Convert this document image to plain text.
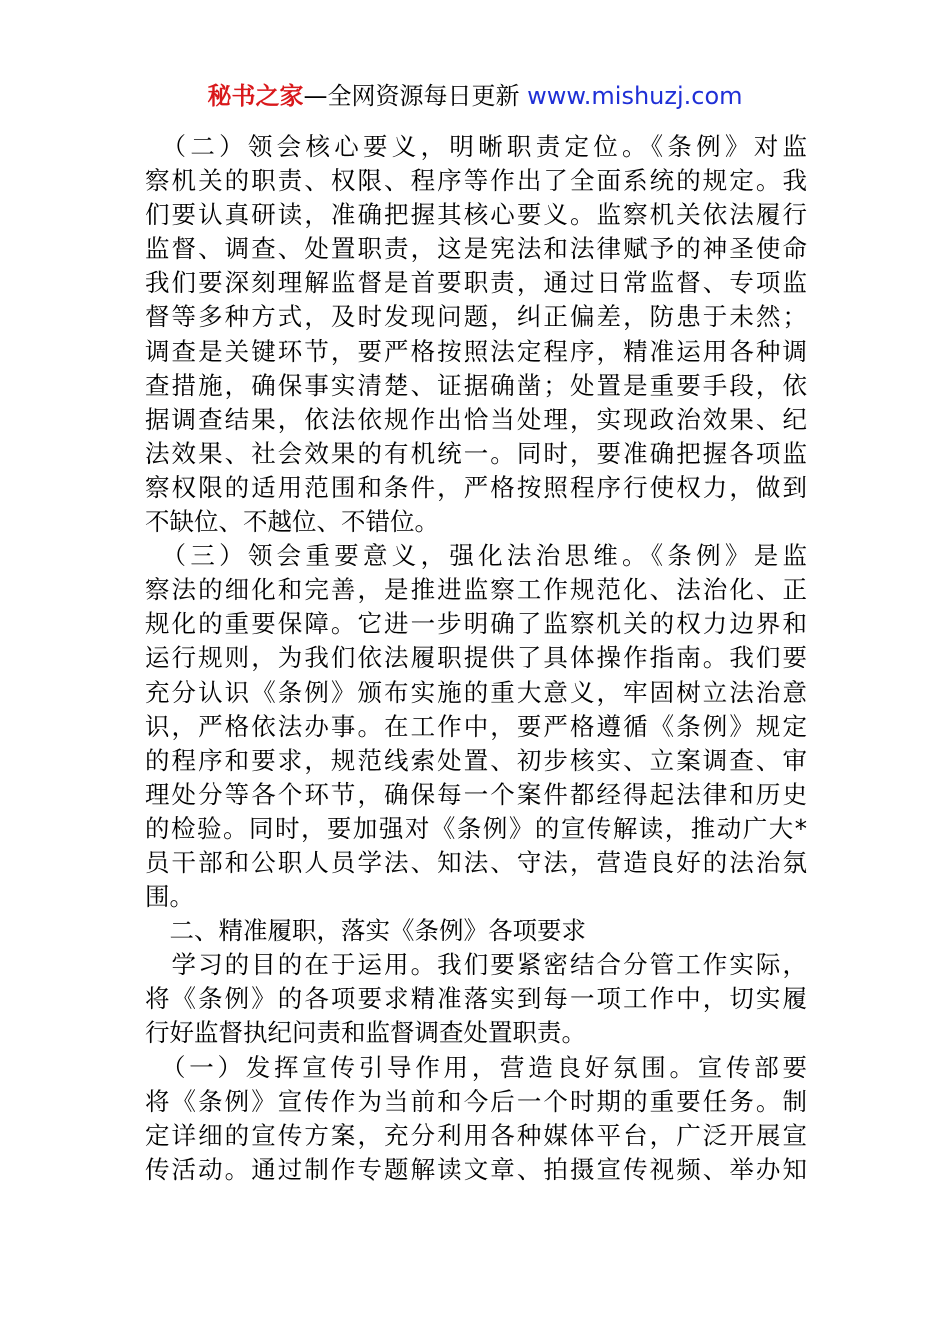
秘书之家—全网资源每日更新 www.mishuzj.com
　（二）领会核心要义，明晰职责定位。《条例》对监
察机关的职责、权限、程序等作出了全面系统的规定。我
们要认真研读，准确把握其核心要义。监察机关依法履行
监督、调查、处置职责，这是宪法和法律赋予的神圣使命
我们要深刻理解监督是首要职责，通过日常监督、专项监
督等多种方式，及时发现问题，纠正偏差，防患于未然；
调查是关键环节，要严格按照法定程序，精准运用各种调
查措施，确保事实清楚、证据确凿；处置是重要手段，依
据调查结果，依法依规作出恰当处理，实现政治效果、纪
法效果、社会效果的有机统一。同时，要准确把握各项监
察权限的适用范围和条件，严格按照程序行使权力，做到
不缺位、不越位、不错位。
　（三）领会重要意义，强化法治思维。《条例》是监
察法的细化和完善，是推进监察工作规范化、法治化、正
规化的重要保障。它进一步明确了监察机关的权力边界和
运行规则，为我们依法履职提供了具体操作指南。我们要
充分认识《条例》颁布实施的重大意义，牢固树立法治意
识，严格依法办事。在工作中，要严格遵循《条例》规定
的程序和要求，规范线索处置、初步核实、立案调查、审
理处分等各个环节，确保每一个案件都经得起法律和历史
的检验。同时，要加强对《条例》的宣传解读，推动广大*
员干部和公职人员学法、知法、守法，营造良好的法治氛
围。
　二、精准履职，落实《条例》各项要求
　学习的目的在于运用。我们要紧密结合分管工作实际，
将《条例》的各项要求精准落实到每一项工作中，切实履
行好监督执纪问责和监督调查处置职责。
　（一）发挥宣传引导作用，营造良好氛围。宣传部要
将《条例》宣传作为当前和今后一个时期的重要任务。制
定详细的宣传方案，充分利用各种媒体平台，广泛开展宣
传活动。通过制作专题解读文章、拍摄宣传视频、举办知
